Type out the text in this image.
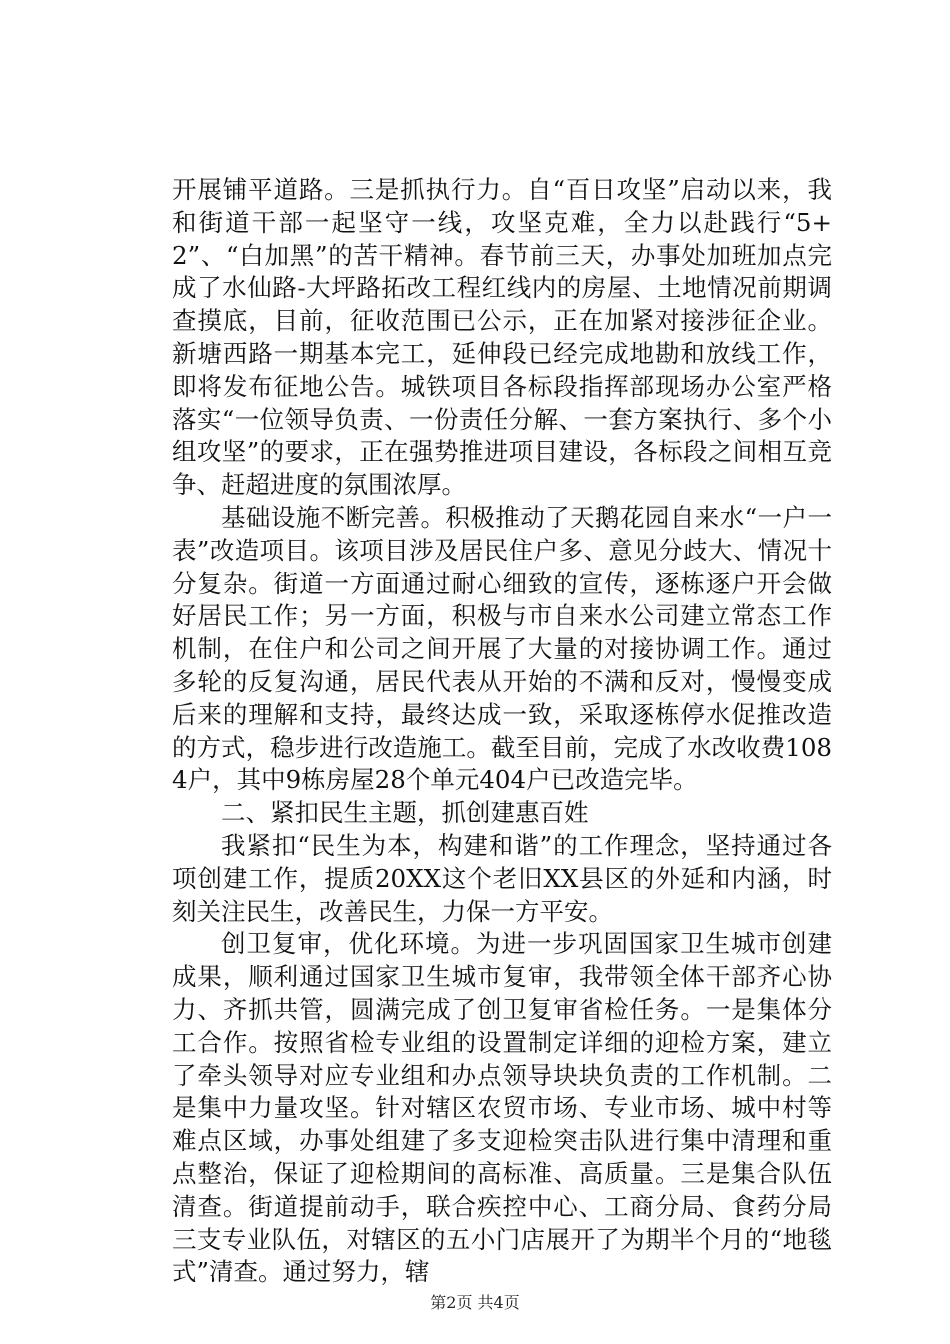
开展铺平道路。三是抓执行力。自“百日攻坚”启动以来，我和街道干部一起坚守一线，攻坚克难，全力以赴践行“5+2”、“白加黑”的苦干精神。春节前三天，办事处加班加点完成了水仙路-大坪路拓改工程红线内的房屋、土地情况前期调查摸底，目前，征收范围已公示，正在加紧对接涉征企业。新塘西路一期基本完工，延伸段已经完成地勘和放线工作，即将发布征地公告。城铁项目各标段指挥部现场办公室严格落实“一位领导负责、一份责任分解、一套方案执行、多个小组攻坚”的要求，正在强势推进项目建设，各标段之间相互竞争、赶超进度的氛围浓厚。

基础设施不断完善。积极推动了天鹅花园自来水“一户一表”改造项目。该项目涉及居民住户多、意见分歧大、情况十分复杂。街道一方面通过耐心细致的宣传，逐栋逐户开会做好居民工作；另一方面，积极与市自来水公司建立常态工作机制，在住户和公司之间开展了大量的对接协调工作。通过多轮的反复沟通，居民代表从开始的不满和反对，慢慢变成后来的理解和支持，最终达成一致，采取逐栋停水促推改造的方式，稳步进行改造施工。截至目前，完成了水改收费1084户，其中9栋房屋28个单元404户已改造完毕。

二、紧扣民生主题，抓创建惠百姓

我紧扣“民生为本，构建和谐”的工作理念，坚持通过各项创建工作，提质20XX这个老旧XX县区的外延和内涵，时刻关注民生，改善民生，力保一方平安。

创卫复审，优化环境。为进一步巩固国家卫生城市创建成果，顺利通过国家卫生城市复审，我带领全体干部齐心协力、齐抓共管，圆满完成了创卫复审省检任务。一是集体分工合作。按照省检专业组的设置制定详细的迎检方案，建立了牵头领导对应专业组和办点领导块块负责的工作机制。二是集中力量攻坚。针对辖区农贸市场、专业市场、城中村等难点区域，办事处组建了多支迎检突击队进行集中清理和重点整治，保证了迎检期间的高标准、高质量。三是集合队伍清查。街道提前动手，联合疾控中心、工商分局、食药分局三支专业队伍，对辖区的五小门店展开了为期半个月的“地毯式”清查。通过努力，辖

第2页 共4页
